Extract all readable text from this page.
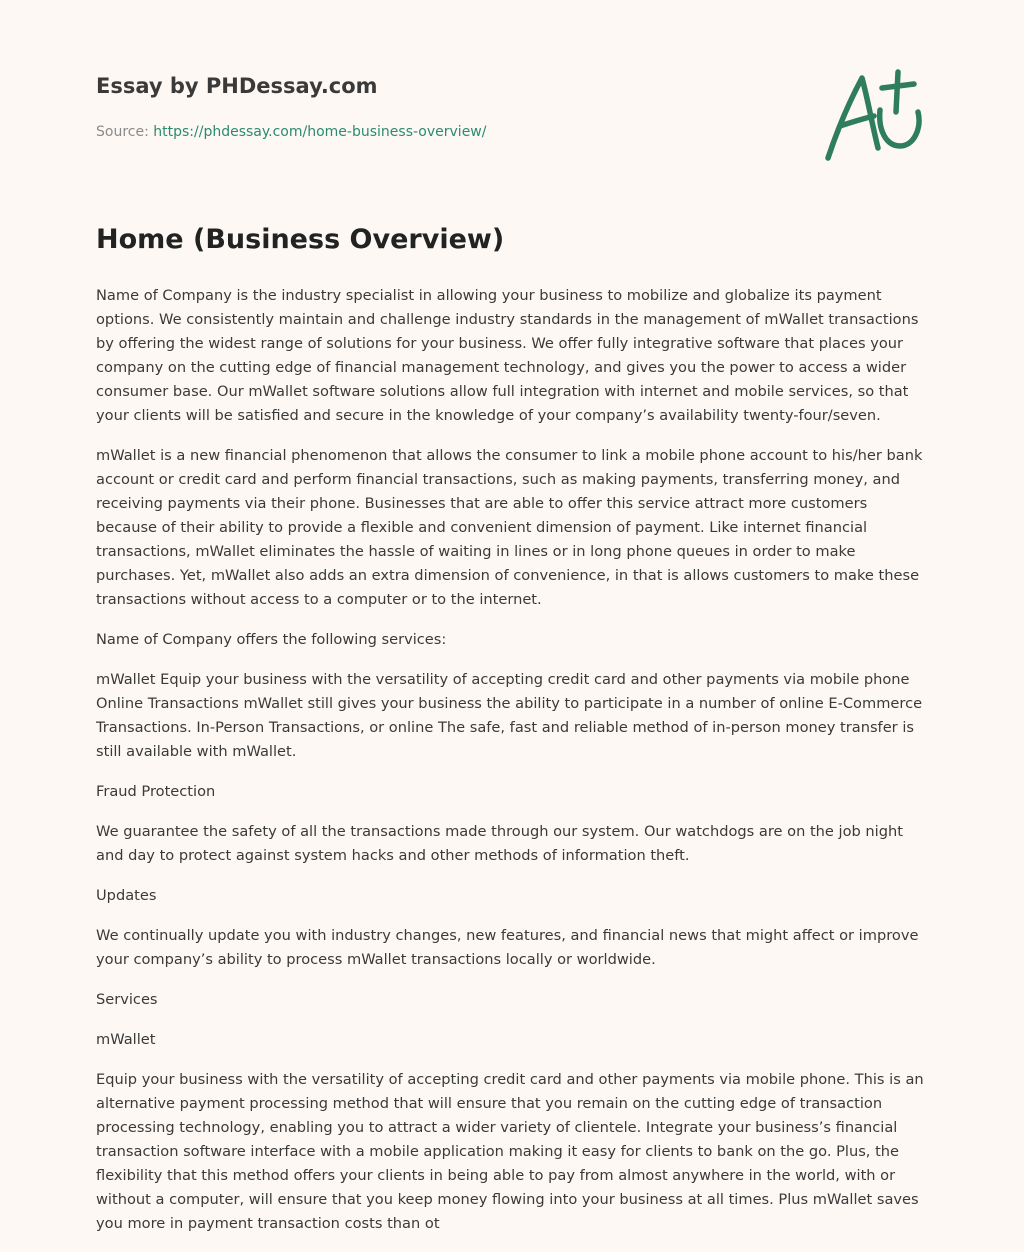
Essay by PHDessay.com
Source: https://phdessay.com/home-business-overview/
Home (Business Overview)

Name of Company is the industry specialist in allowing your business to mobilize and globalize its payment options. We consistently maintain and challenge industry standards in the management of mWallet transactions by offering the widest range of solutions for your business. We offer fully integrative software that places your company on the cutting edge of financial management technology, and gives you the power to access a wider consumer base. Our mWallet software solutions allow full integration with internet and mobile services, so that your clients will be satisfied and secure in the knowledge of your company’s availability twenty-four/seven.

mWallet is a new financial phenomenon that allows the consumer to link a mobile phone account to his/her bank account or credit card and perform financial transactions, such as making payments, transferring money, and receiving payments via their phone. Businesses that are able to offer this service attract more customers because of their ability to provide a flexible and convenient dimension of payment. Like internet financial transactions, mWallet eliminates the hassle of waiting in lines or in long phone queues in order to make purchases. Yet, mWallet also adds an extra dimension of convenience, in that is allows customers to make these transactions without access to a computer or to the internet.

Name of Company offers the following services:

mWallet Equip your business with the versatility of accepting credit card and other payments via mobile phone Online Transactions mWallet still gives your business the ability to participate in a number of online E-Commerce Transactions. In-Person Transactions, or online The safe, fast and reliable method of in-person money transfer is still available with mWallet.

Fraud Protection

We guarantee the safety of all the transactions made through our system. Our watchdogs are on the job night and day to protect against system hacks and other methods of information theft.

Updates

We continually update you with industry changes, new features, and financial news that might affect or improve your company’s ability to process mWallet transactions locally or worldwide.

Services

mWallet

Equip your business with the versatility of accepting credit card and other payments via mobile phone. This is an alternative payment processing method that will ensure that you remain on the cutting edge of transaction processing technology, enabling you to attract a wider variety of clientele. Integrate your business’s financial transaction software interface with a mobile application making it easy for clients to bank on the go. Plus, the flexibility that this method offers your clients in being able to pay from almost anywhere in the world, with or without a computer, will ensure that you keep money flowing into your business at all times. Plus mWallet saves you more in payment transaction costs than ot
